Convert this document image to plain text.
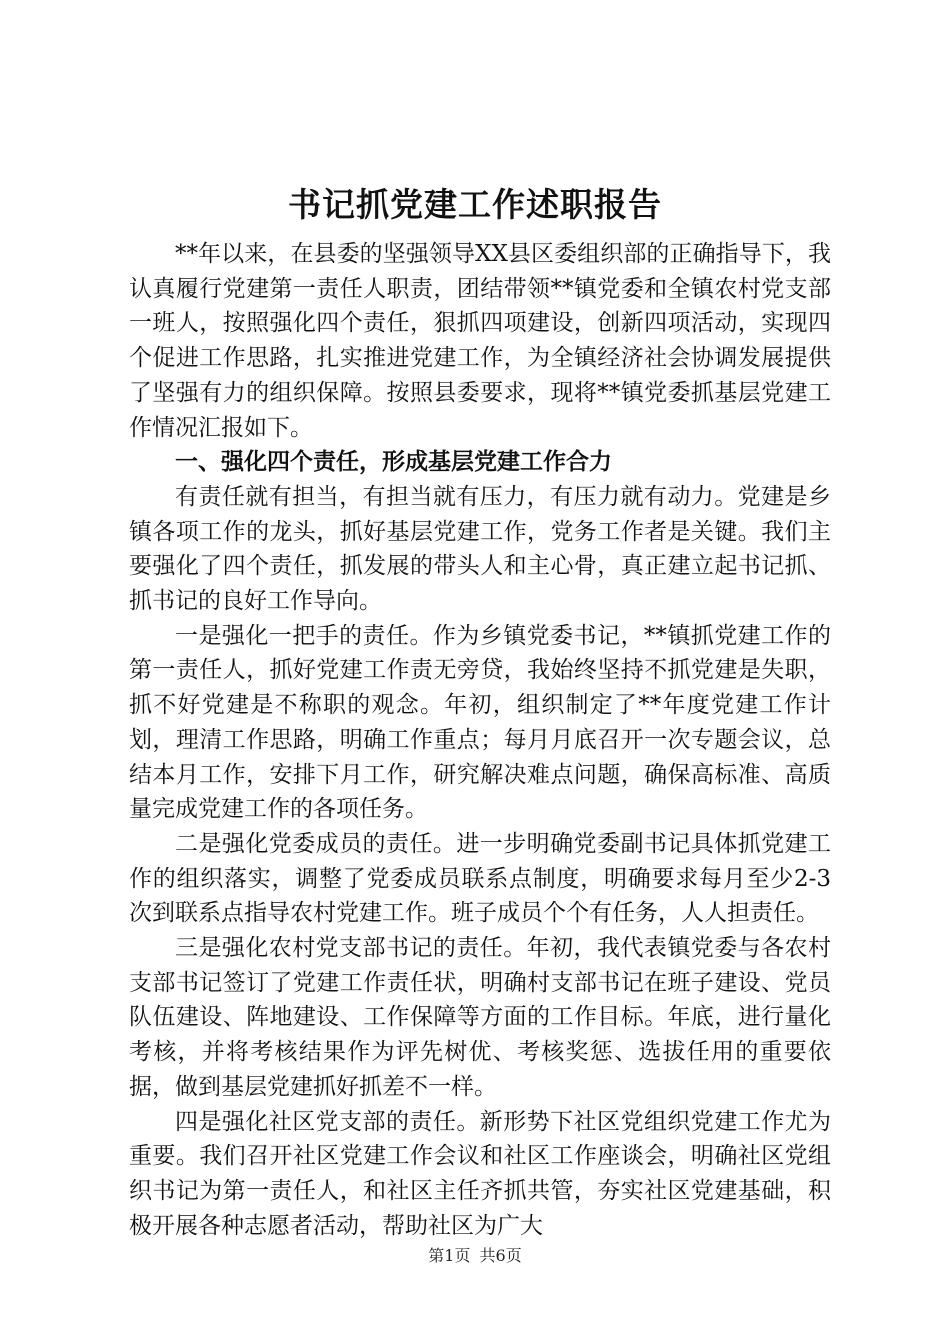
书记抓党建工作述职报告

**年以来，在县委的坚强领导XX县区委组织部的正确指导下，我认真履行党建第一责任人职责，团结带领**镇党委和全镇农村党支部一班人，按照强化四个责任，狠抓四项建设，创新四项活动，实现四个促进工作思路，扎实推进党建工作，为全镇经济社会协调发展提供了坚强有力的组织保障。按照县委要求，现将**镇党委抓基层党建工作情况汇报如下。

一、强化四个责任，形成基层党建工作合力

有责任就有担当，有担当就有压力，有压力就有动力。党建是乡镇各项工作的龙头，抓好基层党建工作，党务工作者是关键。我们主要强化了四个责任，抓发展的带头人和主心骨，真正建立起书记抓、抓书记的良好工作导向。

一是强化一把手的责任。作为乡镇党委书记，**镇抓党建工作的第一责任人，抓好党建工作责无旁贷，我始终坚持不抓党建是失职，抓不好党建是不称职的观念。年初，组织制定了**年度党建工作计划，理清工作思路，明确工作重点；每月月底召开一次专题会议，总结本月工作，安排下月工作，研究解决难点问题，确保高标准、高质量完成党建工作的各项任务。

二是强化党委成员的责任。进一步明确党委副书记具体抓党建工作的组织落实，调整了党委成员联系点制度，明确要求每月至少2-3次到联系点指导农村党建工作。班子成员个个有任务，人人担责任。

三是强化农村党支部书记的责任。年初，我代表镇党委与各农村支部书记签订了党建工作责任状，明确村支部书记在班子建设、党员队伍建设、阵地建设、工作保障等方面的工作目标。年底，进行量化考核，并将考核结果作为评先树优、考核奖惩、选拔任用的重要依据，做到基层党建抓好抓差不一样。

四是强化社区党支部的责任。新形势下社区党组织党建工作尤为重要。我们召开社区党建工作会议和社区工作座谈会，明确社区党组织书记为第一责任人，和社区主任齐抓共管，夯实社区党建基础，积极开展各种志愿者活动，帮助社区为广大

第1页 共6页
